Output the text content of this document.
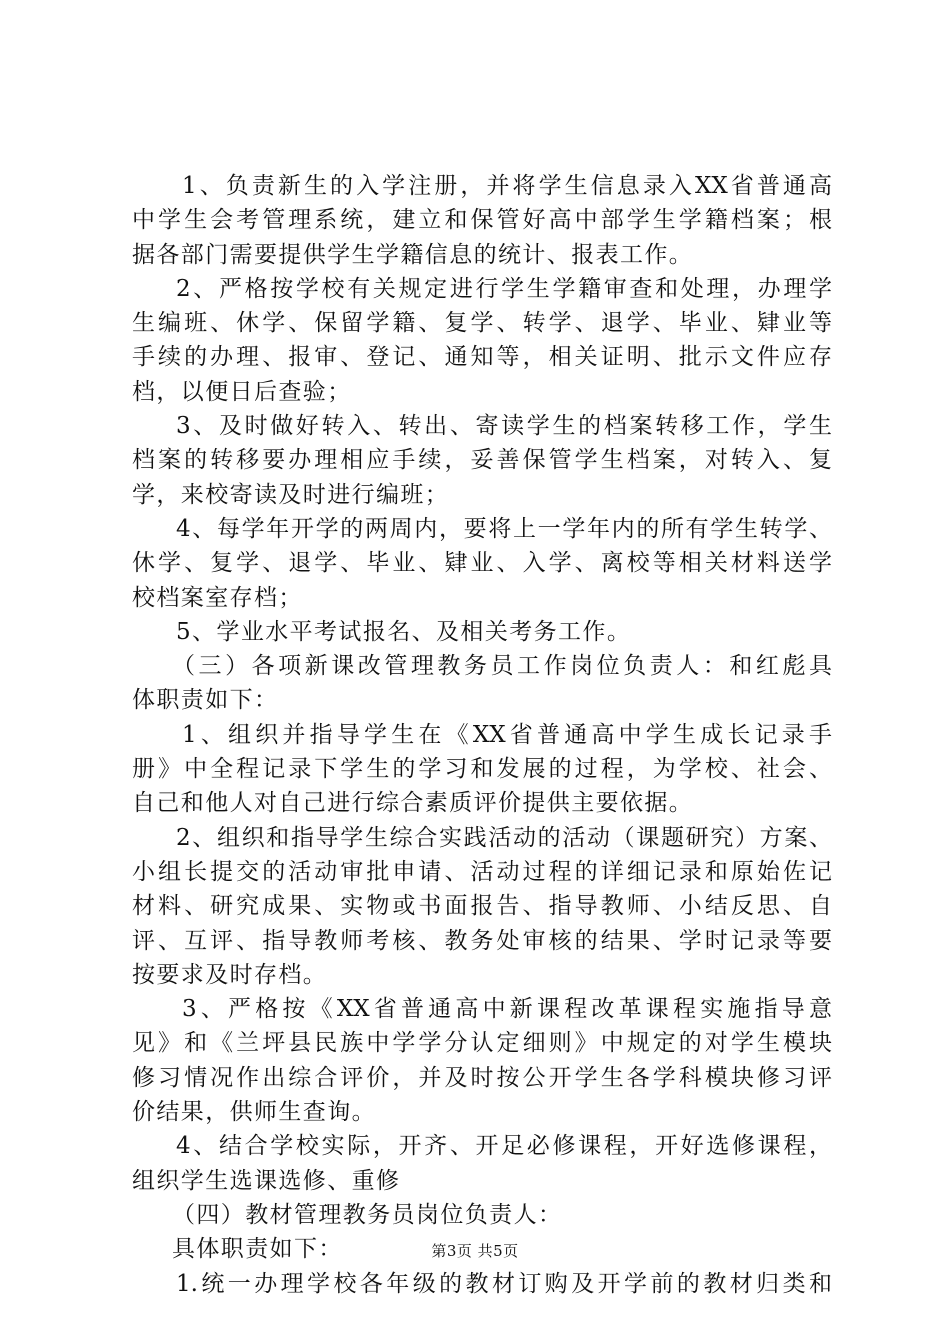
1、负责新生的入学注册，并将学生信息录入XX省普通高
中学生会考管理系统，建立和保管好高中部学生学籍档案；根
据各部门需要提供学生学籍信息的统计、报表工作。
2、严格按学校有关规定进行学生学籍审查和处理，办理学
生编班、休学、保留学籍、复学、转学、退学、毕业、肄业等
手续的办理、报审、登记、通知等，相关证明、批示文件应存
档，以便日后查验；
3、及时做好转入、转出、寄读学生的档案转移工作，学生
档案的转移要办理相应手续，妥善保管学生档案，对转入、复
学，来校寄读及时进行编班；
4、每学年开学的两周内，要将上一学年内的所有学生转学、
休学、复学、退学、毕业、肄业、入学、离校等相关材料送学
校档案室存档；
5、学业水平考试报名、及相关考务工作。
（三）各项新课改管理教务员工作岗位负责人：和红彪具
体职责如下：
1、组织并指导学生在《XX省普通高中学生成长记录手
册》中全程记录下学生的学习和发展的过程，为学校、社会、
自己和他人对自己进行综合素质评价提供主要依据。
2、组织和指导学生综合实践活动的活动（课题研究）方案、
小组长提交的活动审批申请、活动过程的详细记录和原始佐记
材料、研究成果、实物或书面报告、指导教师、小结反思、自
评、互评、指导教师考核、教务处审核的结果、学时记录等要
按要求及时存档。
3、严格按《XX省普通高中新课程改革课程实施指导意
见》和《兰坪县民族中学学分认定细则》中规定的对学生模块
修习情况作出综合评价，并及时按公开学生各学科模块修习评
价结果，供师生查询。
4、结合学校实际，开齐、开足必修课程，开好选修课程，
组织学生选课选修、重修
（四）教材管理教务员岗位负责人：
具体职责如下：
1.统一办理学校各年级的教材订购及开学前的教材归类和
第3页 共5页
